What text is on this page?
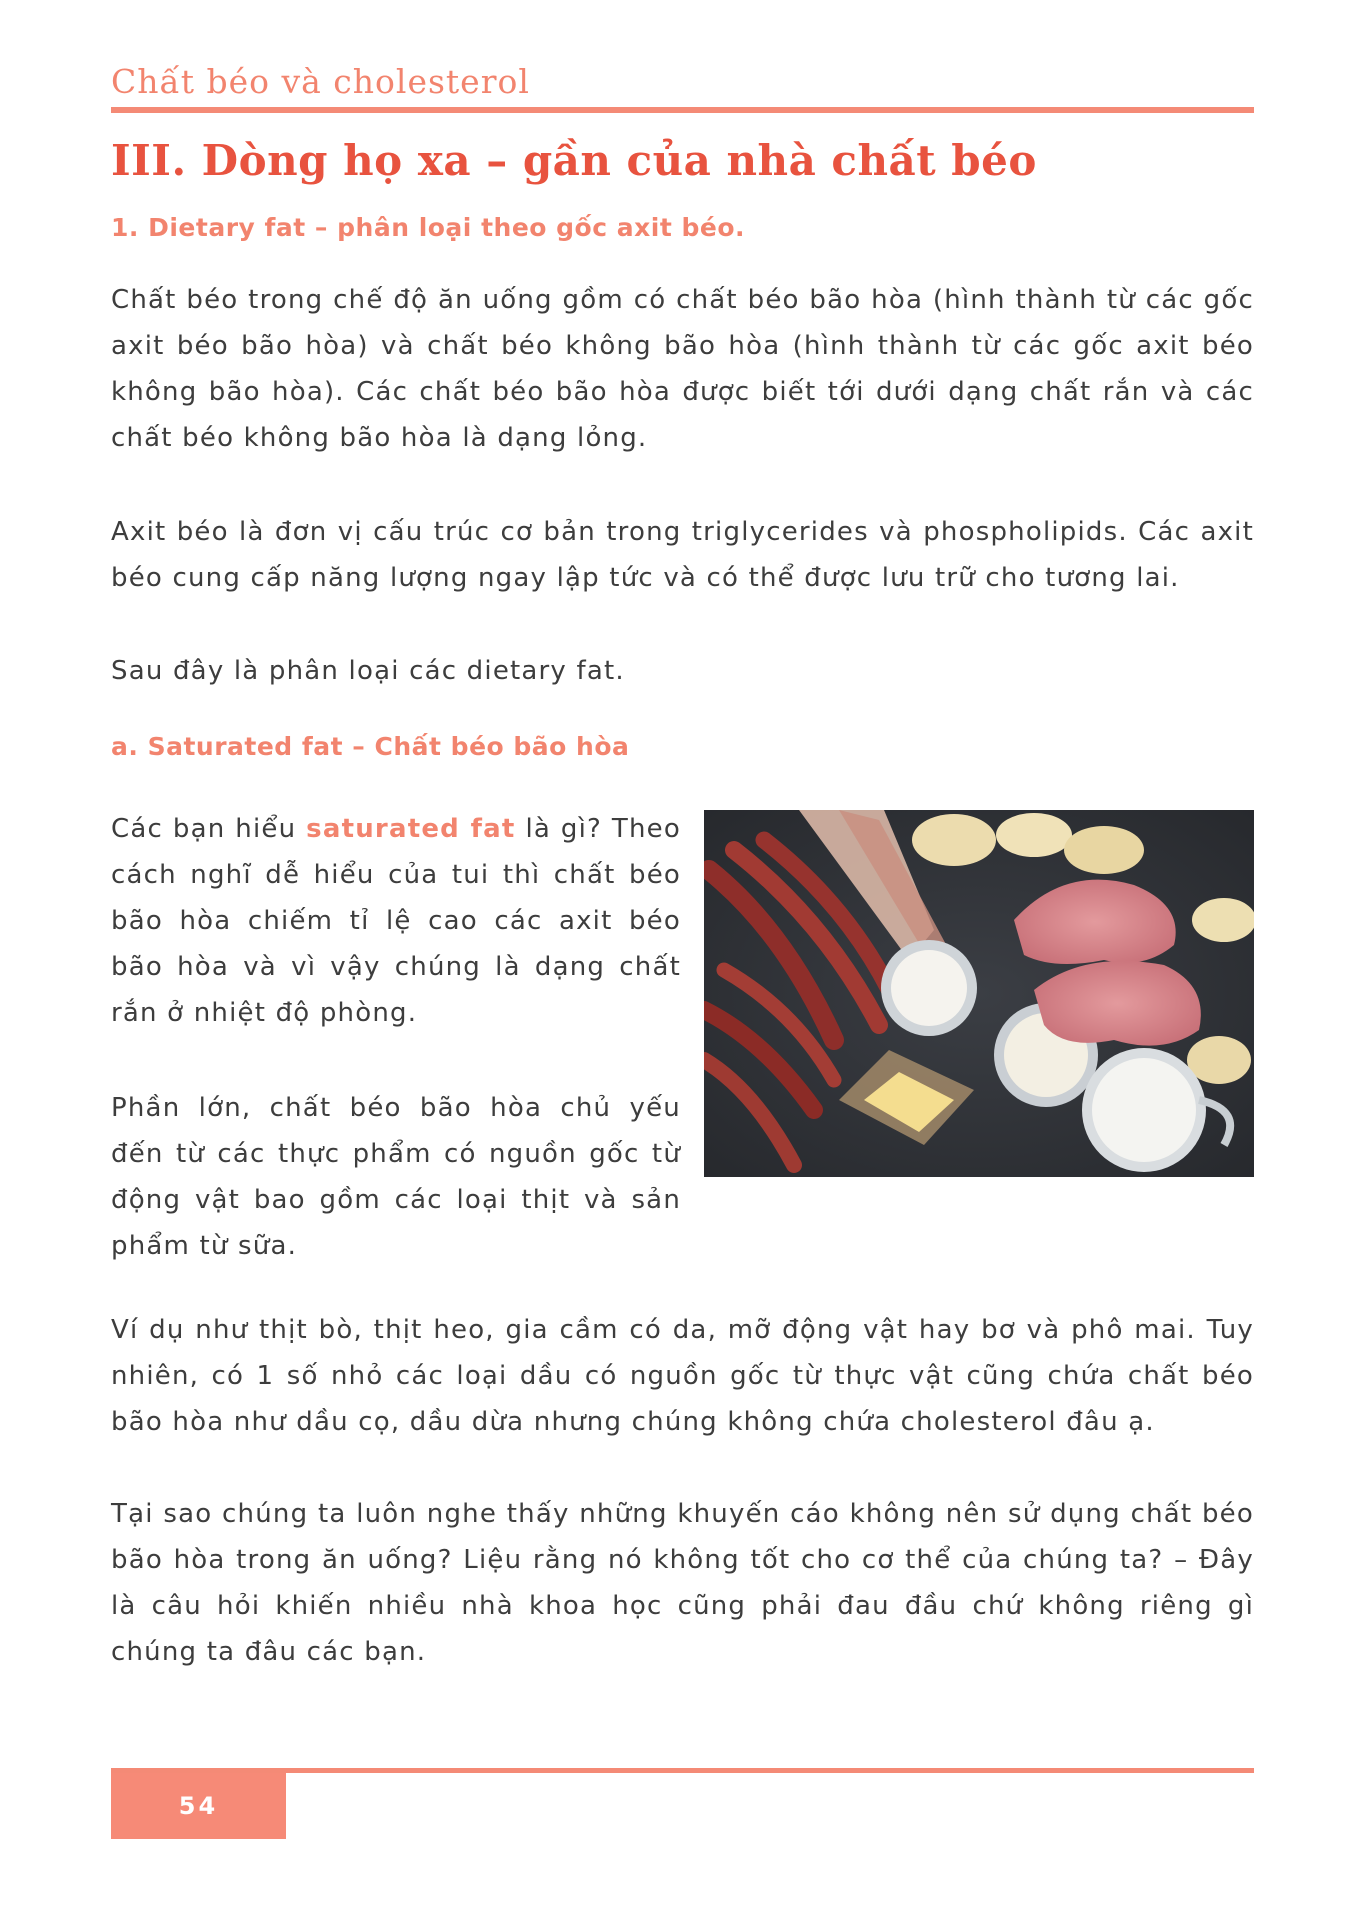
Chất béo và cholesterol
III. Dòng họ xa – gần của nhà chất béo
1. Dietary fat – phân loại theo gốc axit béo.

Chất béo trong chế độ ăn uống gồm có chất béo bão hòa (hình thành từ các gốc axit béo bão hòa) và chất béo không bão hòa (hình thành từ các gốc axit béo không bão hòa). Các chất béo bão hòa được biết tới dưới dạng chất rắn và các chất béo không bão hòa là dạng lỏng.

Axit béo là đơn vị cấu trúc cơ bản trong triglycerides và phospholipids. Các axit béo cung cấp năng lượng ngay lập tức và có thể được lưu trữ cho tương lai.

Sau đây là phân loại các dietary fat.

a. Saturated fat – Chất béo bão hòa

Các bạn hiểu saturated fat là gì? Theo cách nghĩ dễ hiểu của tui thì chất béo bão hòa chiếm tỉ lệ cao các axit béo bão hòa và vì vậy chúng là dạng chất rắn ở nhiệt độ phòng.

Phần lớn, chất béo bão hòa chủ yếu đến từ các thực phẩm có nguồn gốc từ động vật bao gồm các loại thịt và sản phẩm từ sữa.

Ví dụ như thịt bò, thịt heo, gia cầm có da, mỡ động vật hay bơ và phô mai. Tuy nhiên, có 1 số nhỏ các loại dầu có nguồn gốc từ thực vật cũng chứa chất béo bão hòa như dầu cọ, dầu dừa nhưng chúng không chứa cholesterol đâu ạ.

Tại sao chúng ta luôn nghe thấy những khuyến cáo không nên sử dụng chất béo bão hòa trong ăn uống? Liệu rằng nó không tốt cho cơ thể của chúng ta? – Đây là câu hỏi khiến nhiều nhà khoa học cũng phải đau đầu chứ không riêng gì chúng ta đâu các bạn.

54
